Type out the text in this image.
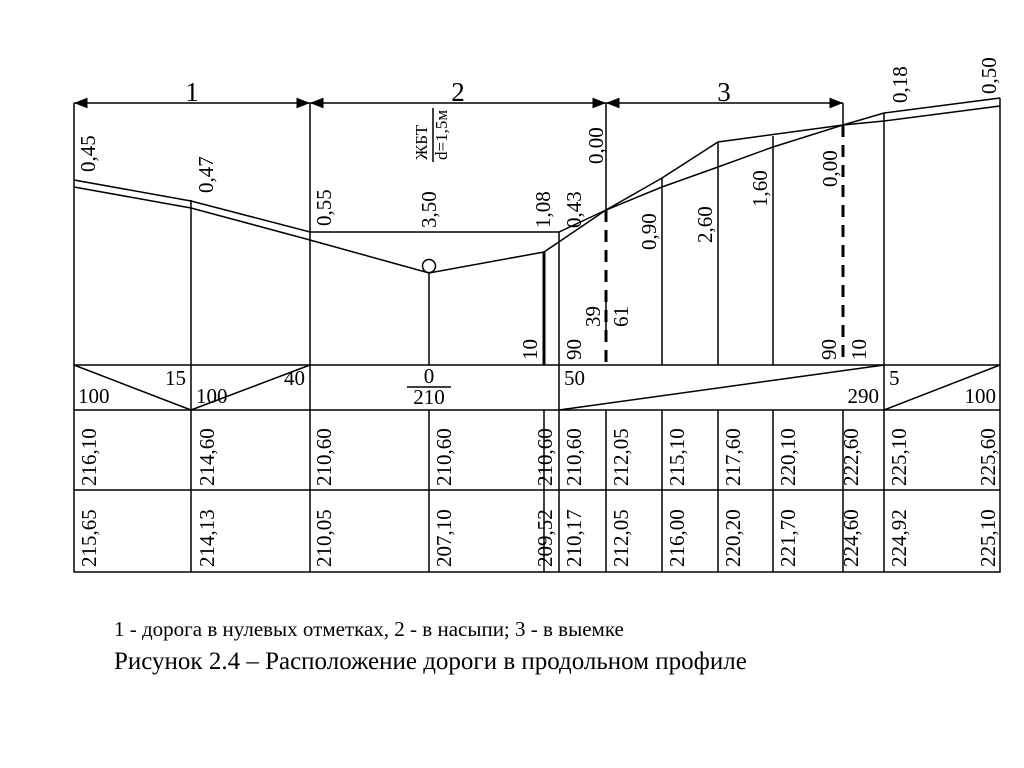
1	2	3
0,45
0,47
0,55	1,08 0,43
0,00
0,90 2,60
1,60
0,00
0,18	0,50
3,50
ЖБТ d=1,5м
10 90
39 61
90 10
15
100
40
100
0
210
50
290
5
100
216,10	214,60	210,60	210,60	210,60 210,60 212,05 215,10 217,60 220,10 222,60 225,10	225,60
215,65	214,13	210,05	207,10	209,52 210,17 212,05 216,00 220,20 221,70 224,60 224,92	225,10
1 - дорога в нулевых отметках, 2 - в насыпи; 3 - в выемке
Рисунок 2.4 – Расположение дороги в продольном профиле
